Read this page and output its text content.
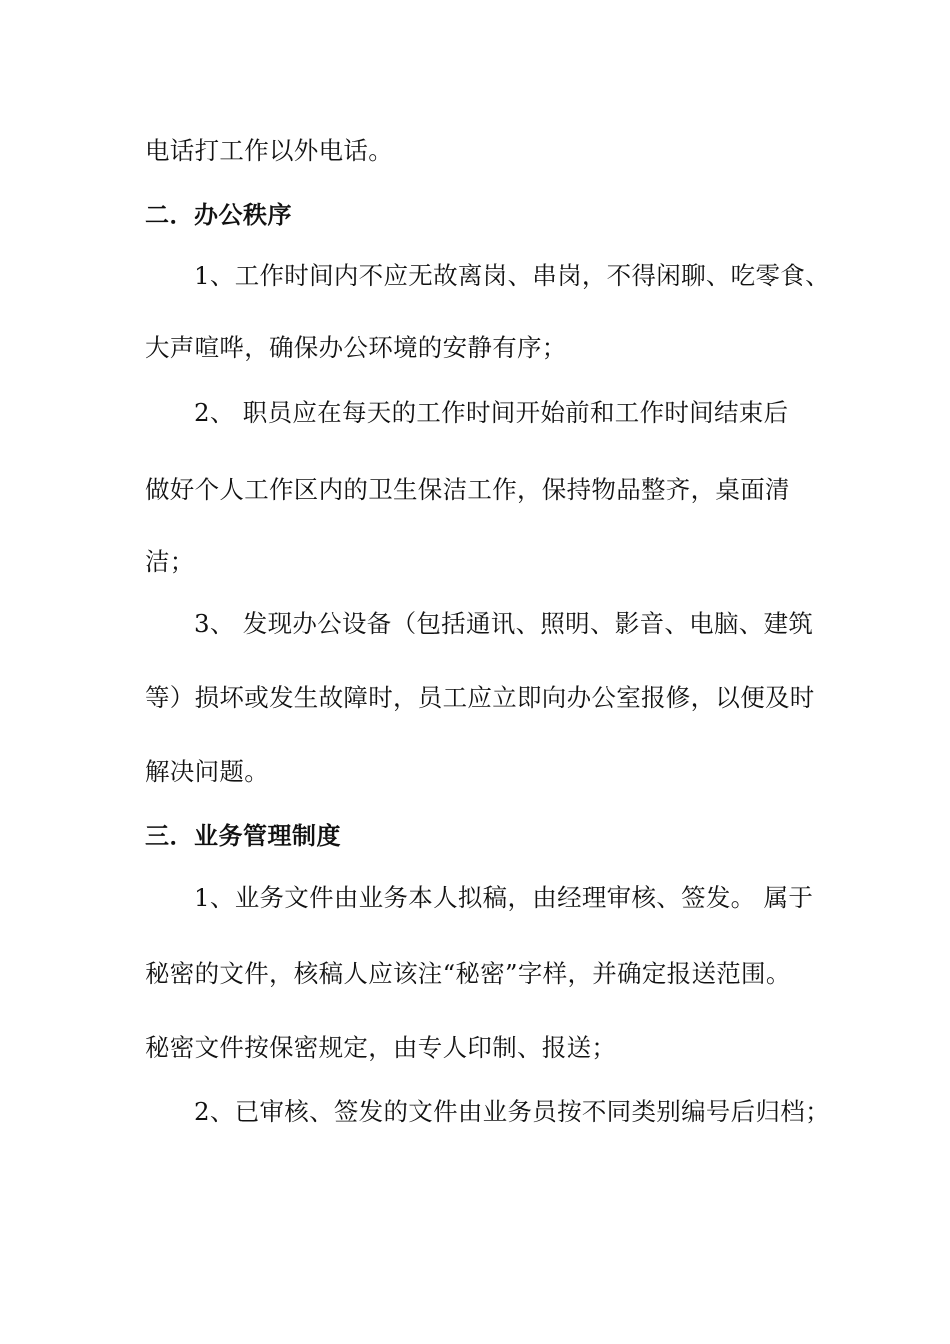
电话打工作以外电话。
二．办公秩序
1、工作时间内不应无故离岗、串岗，不得闲聊、吃零食、
大声喧哗，确保办公环境的安静有序；
2、 职员应在每天的工作时间开始前和工作时间结束后
做好个人工作区内的卫生保洁工作，保持物品整齐，桌面清
洁；
3、 发现办公设备（包括通讯、照明、影音、电脑、建筑
等）损坏或发生故障时，员工应立即向办公室报修，以便及时
解决问题。
三．业务管理制度
1、业务文件由业务本人拟稿，由经理审核、签发。 属于
秘密的文件，核稿人应该注“秘密”字样，并确定报送范围。
秘密文件按保密规定，由专人印制、报送；
2、已审核、签发的文件由业务员按不同类别编号后归档；
